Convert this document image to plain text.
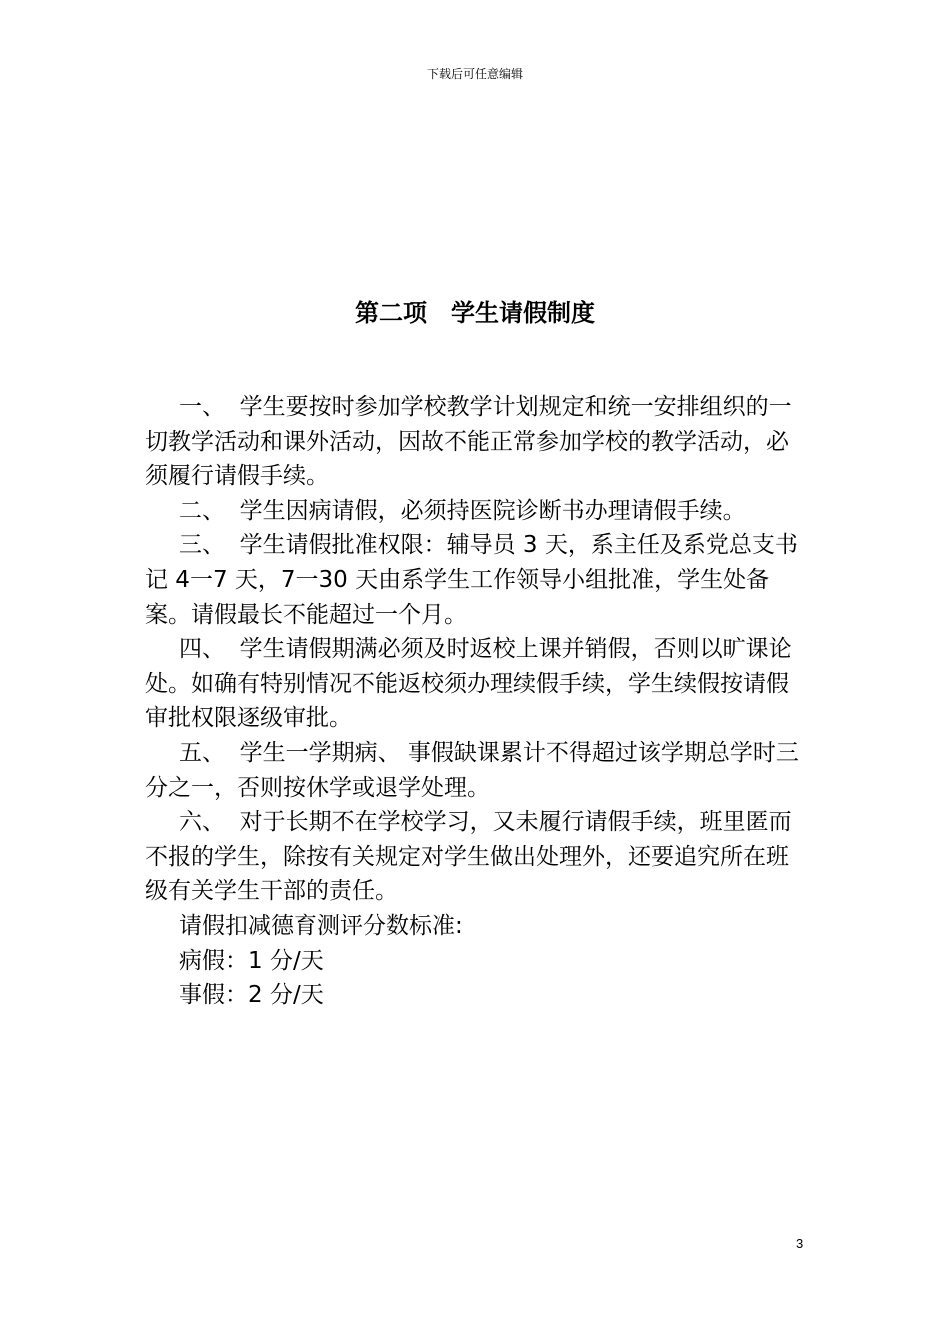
下载后可任意编辑
第二项　学生请假制度

一、  学生要按时参加学校教学计划规定和统一安排组织的一切教学活动和课外活动，因故不能正常参加学校的教学活动，必须履行请假手续。

二、  学生因病请假，必须持医院诊断书办理请假手续。

三、  学生请假批准权限：辅导员 3 天，系主任及系党总支书记 4一7 天，7一30 天由系学生工作领导小组批准，学生处备案。请假最长不能超过一个月。

四、  学生请假期满必须及时返校上课并销假，否则以旷课论处。如确有特别情况不能返校须办理续假手续，学生续假按请假审批权限逐级审批。

五、  学生一学期病、 事假缺课累计不得超过该学期总学时三分之一，否则按休学或退学处理。

六、  对于长期不在学校学习，又未履行请假手续，班里匿而不报的学生，除按有关规定对学生做出处理外，还要追究所在班级有关学生干部的责任。

请假扣减德育测评分数标准:

病假：1 分/天

事假：2 分/天

3
